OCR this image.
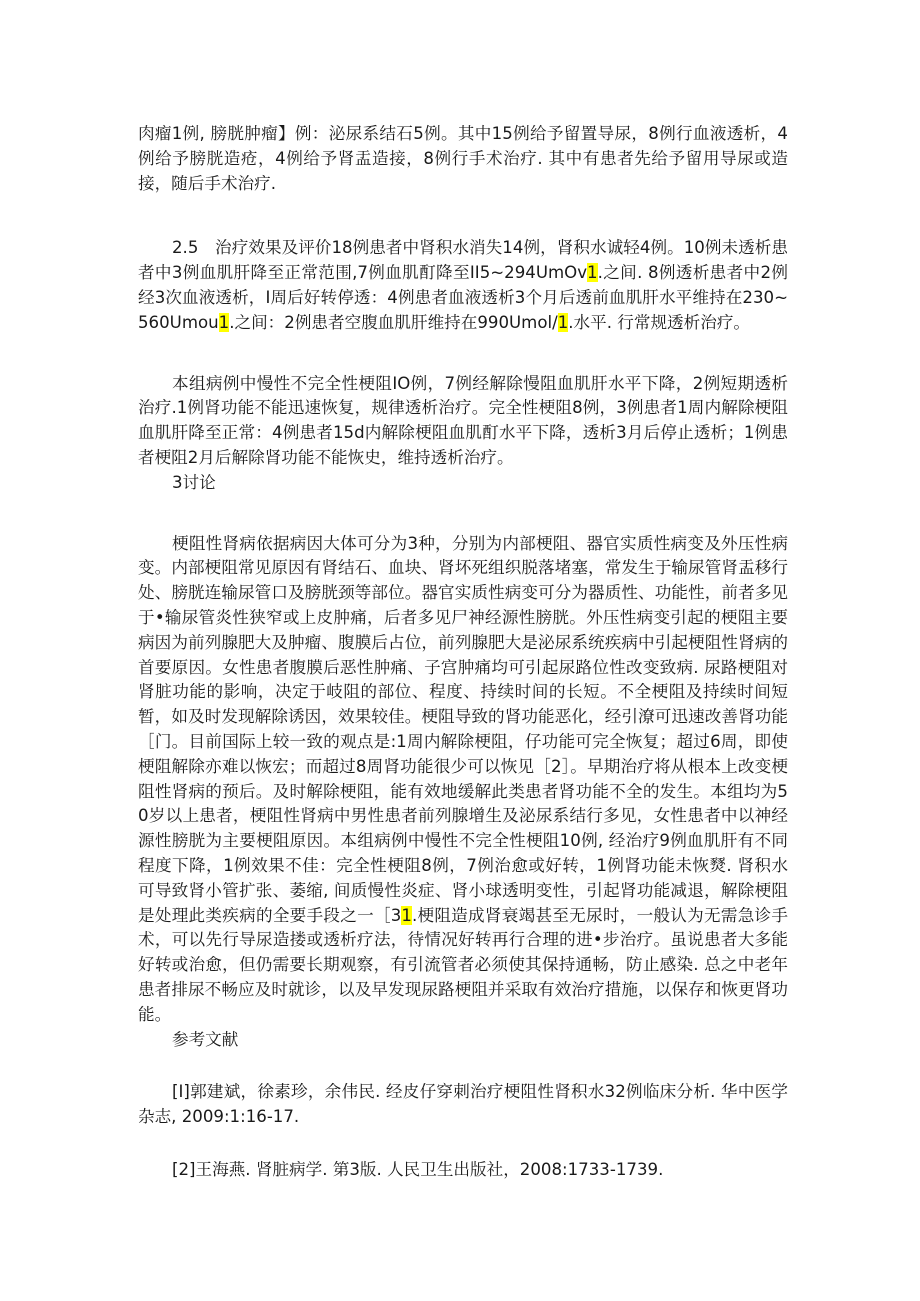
肉瘤1例, 膀胱肿瘤】例：泌尿系结石5例。其中15例给予留置导尿，8例行血液透析，4例给予膀胱造疮，4例给予肾盂造接，8例行手术治疗. 其中有患者先给予留用导尿或造接，随后手术治疗.

2.5　治疗效果及评价18例患者中肾积水消失14例，肾积水诚轻4例。10例未透析患者中3例血肌肝降至正常范围,7例血肌酊降至II5~294UmOv1.之间. 8例透析患者中2例经3次血液透析，I周后好转停透：4例患者血液透析3个月后透前血肌肝水平维持在230~560Umou1.之间：2例患者空腹血肌肝维持在990Umol/1.水平. 行常规透析治疗。

本组病例中慢性不完全性梗阻IO例，7例经解除慢阻血肌肝水平下降，2例短期透析治疗.1例肾功能不能迅速恢复，规律透析治疗。完全性梗阻8例，3例患者1周内解除梗阻血肌肝降至正常：4例患者15d内解除梗阻血肌酊水平下降，透析3月后停止透析；1例患者梗阻2月后解除肾功能不能恢史，维持透析治疗。

3讨论

梗阻性肾病依据病因大体可分为3种，分别为内部梗阻、器官实质性病变及外压性病变。内部梗阻常见原因有肾结石、血块、肾坏死组织脱落堵塞，常发生于输尿管肾盂移行处、膀胱连输尿管口及膀胱颈等部位。器官实质性病变可分为器质性、功能性，前者多见于•输尿管炎性狭窄或上皮肿痛，后者多见尸神经源性膀胱。外压性病变引起的梗阻主要病因为前列腺肥大及肿瘤、腹膜后占位，前列腺肥大是泌尿系统疾病中引起梗阻性肾病的首要原因。女性患者腹膜后恶性肿痛、子宫肿痛均可引起尿路位性改变致病. 尿路梗阻对肾脏功能的影响，决定于岐阻的部位、程度、持续时间的长短。不全梗阻及持续时间短暂，如及时发现解除诱因，效果较佳。梗阻导致的肾功能恶化，经引潦可迅速改善肾功能［门。目前国际上较一致的观点是:1周内解除梗阻，仔功能可完全恢复；超过6周，即使梗阻解除亦难以恢宏；而超过8周肾功能很少可以恢见［2］。早期治疗将从根本上改变梗阻性肾病的预后。及时解除梗阻，能有效地缓解此类患者肾功能不全的发生。本组均为50岁以上患者，梗阻性肾病中男性患者前列腺增生及泌尿系结行多见，女性患者中以神经源性膀胱为主要梗阻原因。本组病例中慢性不完全性梗阻10例, 经治疗9例血肌肝有不同程度下降，1例效果不佳：完全性梗阻8例，7例治愈或好转，1例肾功能未恢燹. 肾积水可导致肾小管扩张、萎缩, 间质慢性炎症、肾小球透明变性，引起肾功能减退，解除梗阻是处理此类疾病的全要手段之一［31.梗阻造成肾衰竭甚至无尿时，一般认为无需急诊手术，可以先行导尿造搂或透析疗法，待情况好转再行合理的进•步治疗。虽说患者大多能好转或治愈，但仍需要长期观察，有引流管者必须使其保持通畅，防止感染. 总之中老年患者排尿不畅应及时就诊，以及早发现尿路梗阻并采取有效治疗措施，以保存和恢更肾功能。

参考文献

[I]郭建斌，徐素珍，余伟民. 经皮仔穿刺治疗梗阻性肾积水32例临床分析. 华中医学杂志, 2009:1:16-17.

[2]王海燕. 肾脏病学. 第3版. 人民卫生出版社，2008:1733-1739.
